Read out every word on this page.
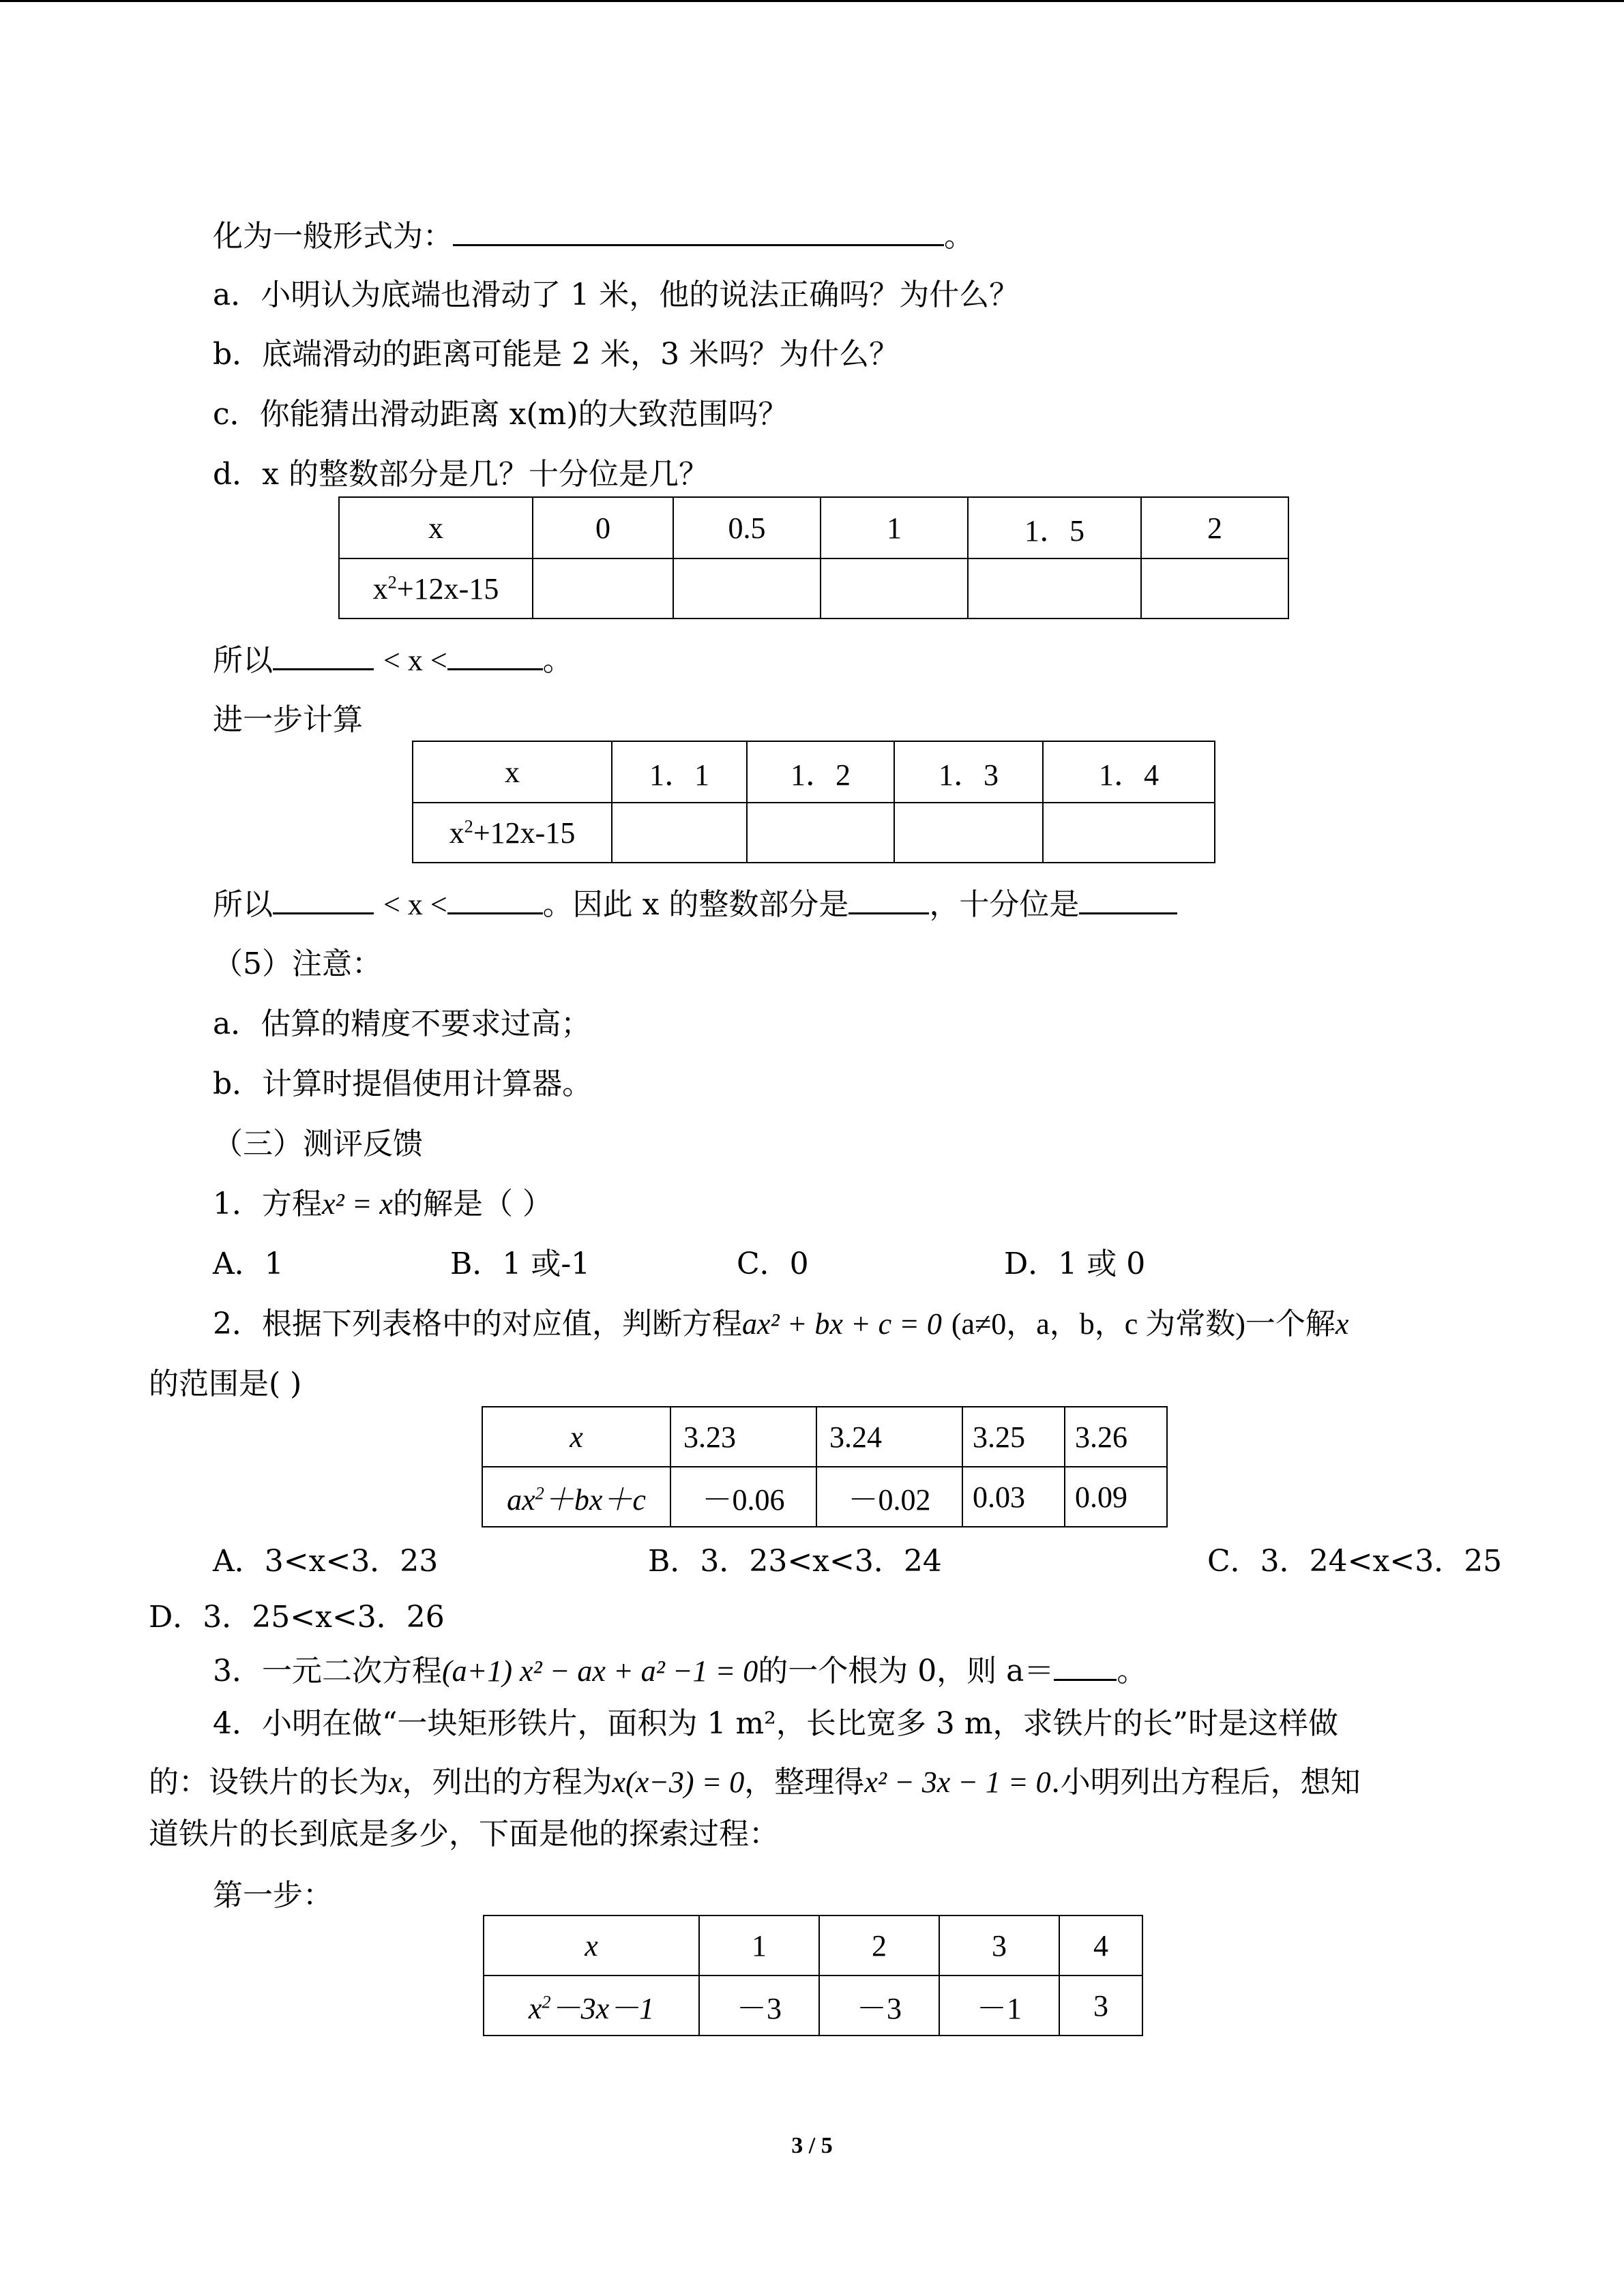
化为一般形式为：	。
a．小明认为底端也滑动了 1 米，他的说法正确吗？为什么？
b．底端滑动的距离可能是 2 米，3 米吗？为什么？
c．你能猜出滑动距离 x(m)的大致范围吗？
d．x 的整数部分是几？十分位是几？
x	0	0.5	1	1．5	2
$x^2+12x-15$					
所以	< x <	。
进一步计算
x	1．1	1．2	1．3	1．4
$x^2+12x-15$				
所以	< x <	。因此 x 的整数部分是	，十分位是
（5）注意：
a．估算的精度不要求过高；
b．计算时提倡使用计算器。
（三）测评反馈
1．方程x² = x的解是（ ）
A．1	B．1 或-1	C．0	D．1 或 0
2．根据下列表格中的对应值，判断方程ax² + bx + c = 0 (a≠0，a，b，c 为常数)一个解x
的范围是( )
x	3.23	3.24	3.25	3.26
$ax^2+bx+c$	－0.06	－0.02	0.03	0.09
A．3<x<3．23	B．3．23<x<3．24	C．3．24<x<3．25
D．3．25<x<3．26
3．一元二次方程(a+1) x² − ax + a² −1 = 0的一个根为 0，则 a＝ 。
4．小明在做“一块矩形铁片，面积为 1 m²，长比宽多 3 m，求铁片的长”时是这样做
的：设铁片的长为x，列出的方程为x(x−3) = 0，整理得x² − 3x − 1 = 0.小明列出方程后，想知
道铁片的长到底是多少，下面是他的探索过程：
第一步：
x	1	2	3	4
$x^2-3x-1$	－3	－3	－1	3
3 / 5
